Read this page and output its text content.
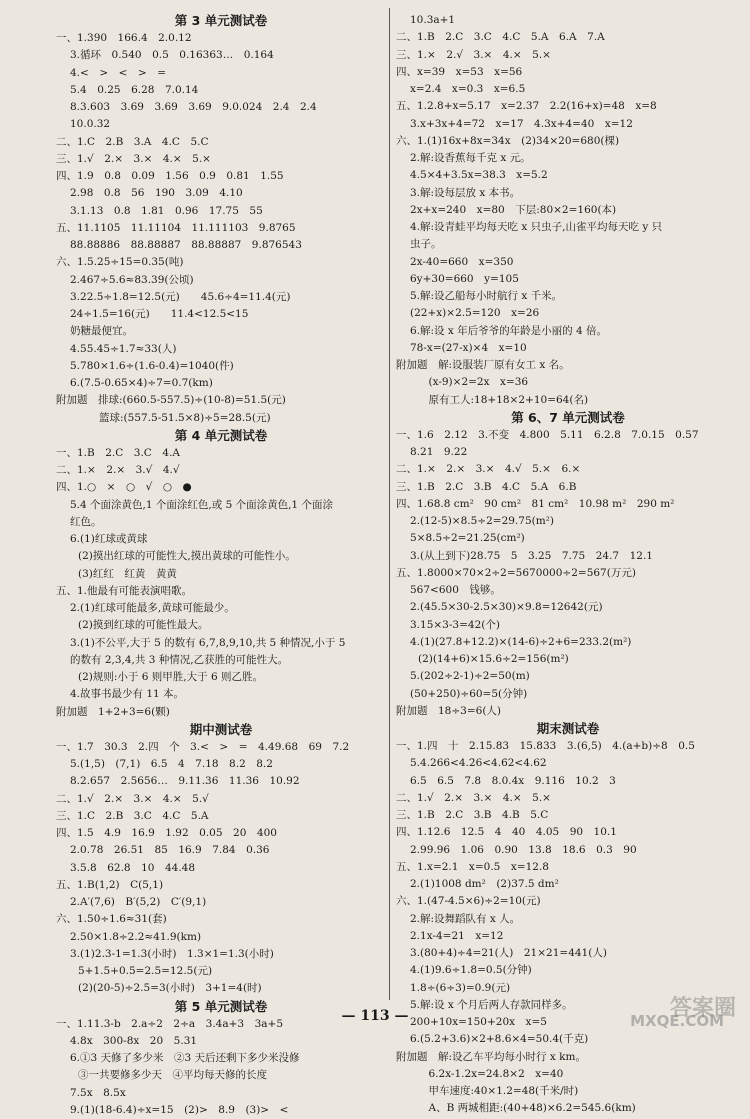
第 3 单元测试卷
一、1.390　166.4　2.0.12
3.循环　0.540　0.5　0.16363…　0.164
4.<　>　<　>　=
5.4　0.25　6.28　7.0.14
8.3.603　3.69　3.69　3.69　9.0.024　2.4　2.4
10.0.32
二、1.C　2.B　3.A　4.C　5.C
三、1.√　2.×　3.×　4.×　5.×
四、1.9　0.8　0.09　1.56　0.9　0.81　1.55
2.98　0.8　56　190　3.09　4.10
3.1.13　0.8　1.81　0.96　17.75　55
五、11.1105　11.11104　11.111103　9.8765
88.88886　88.88887　88.88887　9.876543
六、1.5.25÷15=0.35(吨)
2.467÷5.6≈83.39(公顷)
3.22.5÷1.8=12.5(元)　　45.6÷4=11.4(元)
24÷1.5=16(元)　　11.4<12.5<15
奶糖最便宜。
4.55.45÷1.7≈33(人)
5.780×1.6÷(1.6-0.4)=1040(件)
6.(7.5-0.65×4)÷7=0.7(km)
附加题　排球:(660.5-557.5)÷(10-8)=51.5(元)
　　篮球:(557.5-51.5×8)÷5=28.5(元)
第 4 单元测试卷
一、1.B　2.C　3.C　4.A
二、1.×　2.×　3.√　4.√
四、1.○　×　○　√　○　●
5.4 个面涂黄色,1 个面涂红色,或 5 个面涂黄色,1 个面涂
红色。
6.(1)红球或黄球
(2)摸出红球的可能性大,摸出黄球的可能性小。
(3)红红　红黄　黄黄
五、1.他最有可能表演唱歌。
2.(1)红球可能最多,黄球可能最少。
(2)摸到红球的可能性最大。
3.(1)不公平,大于 5 的数有 6,7,8,9,10,共 5 种情况,小于 5
的数有 2,3,4,共 3 种情况,乙获胜的可能性大。
(2)规则:小于 6 则甲胜,大于 6 则乙胜。
4.故事书最少有 11 本。
附加题　1+2+3=6(颗)
期中测试卷
一、1.7　30.3　2.四　个　3.<　>　=　4.49.68　69　7.2
5.(1,5)　(7,1)　6.5　4　7.18　8.2　8.2
8.2.657　2.5656…　9.11.36　11.36　10.92
二、1.√　2.×　3.×　4.×　5.√
三、1.C　2.B　3.C　4.C　5.A
四、1.5　4.9　16.9　1.92　0.05　20　400
2.0.78　26.51　85　16.9　7.84　0.36
3.5.8　62.8　10　44.48
五、1.B(1,2)　C(5,1)
2.A′(7,6)　B′(5,2)　C′(9,1)
六、1.50÷1.6≈31(套)
2.50×1.8÷2.2≈41.9(km)
3.(1)2.3-1=1.3(小时)　1.3×1=1.3(小时)
5+1.5+0.5=2.5=12.5(元)
(2)(20-5)÷2.5=3(小时)　3+1=4(时)
第 5 单元测试卷
一、1.11.3-b　2.a÷2　2÷a　3.4a+3　3a+5
4.8x　300-8x　20　5.31
6.①3 天修了多少米　②3 天后还剩下多少米没修
③一共要修多少天　④平均每天修的长度
7.5x　8.5x
9.(1)(18-6.4)÷x=15　(2)>　8.9　(3)>　<
10.3a+1
二、1.B　2.C　3.C　4.C　5.A　6.A　7.A
三、1.×　2.√　3.×　4.×　5.×
四、x=39　x=53　x=56
x=2.4　x=0.3　x=6.5
五、1.2.8+x=5.17　x=2.37　2.2(16+x)=48　x=8
3.x+3x+4=72　x=17　4.3x+4=40　x=12
六、1.(1)16x+8x=34x　(2)34×20=680(棵)
2.解:设香蕉每千克 x 元。
4.5×4+3.5x=38.3　x=5.2
3.解:设每层放 x 本书。
2x+x=240　x=80　下层:80×2=160(本)
4.解:设青蛙平均每天吃 x 只虫子,山雀平均每天吃 y 只
虫子。
2x-40=660　x=350
6y+30=660　y=105
5.解:设乙船每小时航行 x 千米。
(22+x)×2.5=120　x=26
6.解:设 x 年后爷爷的年龄是小丽的 4 倍。
78-x=(27-x)×4　x=10
附加题　解:设服装厂原有女工 x 名。
　(x-9)×2=2x　x=36
　原有工人:18+18×2+10=64(名)
第 6、7 单元测试卷
一、1.6　2.12　3.不变　4.800　5.11　6.2.8　7.0.15　0.57
8.21　9.22
二、1.×　2.×　3.×　4.√　5.×　6.×
三、1.B　2.C　3.B　4.C　5.A　6.B
四、1.68.8 cm²　90 cm²　81 cm²　10.98 m²　290 m²
2.(12-5)×8.5÷2=29.75(m²)
5×8.5÷2=21.25(cm²)
3.(从上到下)28.75　5　3.25　7.75　24.7　12.1
五、1.8000×70×2÷2=5670000÷2=567(万元)
567<600　钱够。
2.(45.5×30-2.5×30)×9.8=12642(元)
3.15×3-3=42(个)
4.(1)(27.8+12.2)×(14-6)÷2+6=233.2(m²)
(2)(14+6)×15.6÷2=156(m²)
5.(202÷2-1)÷2=50(m)
(50+250)÷60=5(分钟)
附加题　18÷3=6(人)
期末测试卷
一、1.四　十　2.15.83　15.833　3.(6,5)　4.(a+b)÷8　0.5
5.4.266<4.2̇6<4.6̇2<4.62
6.5　6.5　7.8　8.0.4x　9.116　10.2　3
二、1.√　2.×　3.×　4.×　5.×
三、1.B　2.C　3.B　4.B　5.C
四、1.12.6　12.5　4　40　4.05　90　10.1
2.99.96　1.06　0.90　13.8　18.6　0.3　90
五、1.x=2.1　x=0.5　x=12.8
2.(1)1008 dm²　(2)37.5 dm²
六、1.(47-4.5×6)÷2=10(元)
2.解:设舞蹈队有 x 人。
2.1x-4=21　x=12
3.(80+4)÷4=21(人)　21×21=441(人)
4.(1)9.6÷1.8=0.5(分钟)
1.8÷(6÷3)=0.9(元)
5.解:设 x 个月后两人存款同样多。
200+10x=150+20x　x=5
6.(5.2+3.6)×2+8.6×4=50.4(千克)
附加题　解:设乙车平均每小时行 x km。
　6.2x-1.2x=24.8×2　x=40
　甲车速度:40×1.2=48(千米/时)
　A、B 两城相距:(40+48)×6.2=545.6(km)
— 113 —	答案圈
MXQE.COM
